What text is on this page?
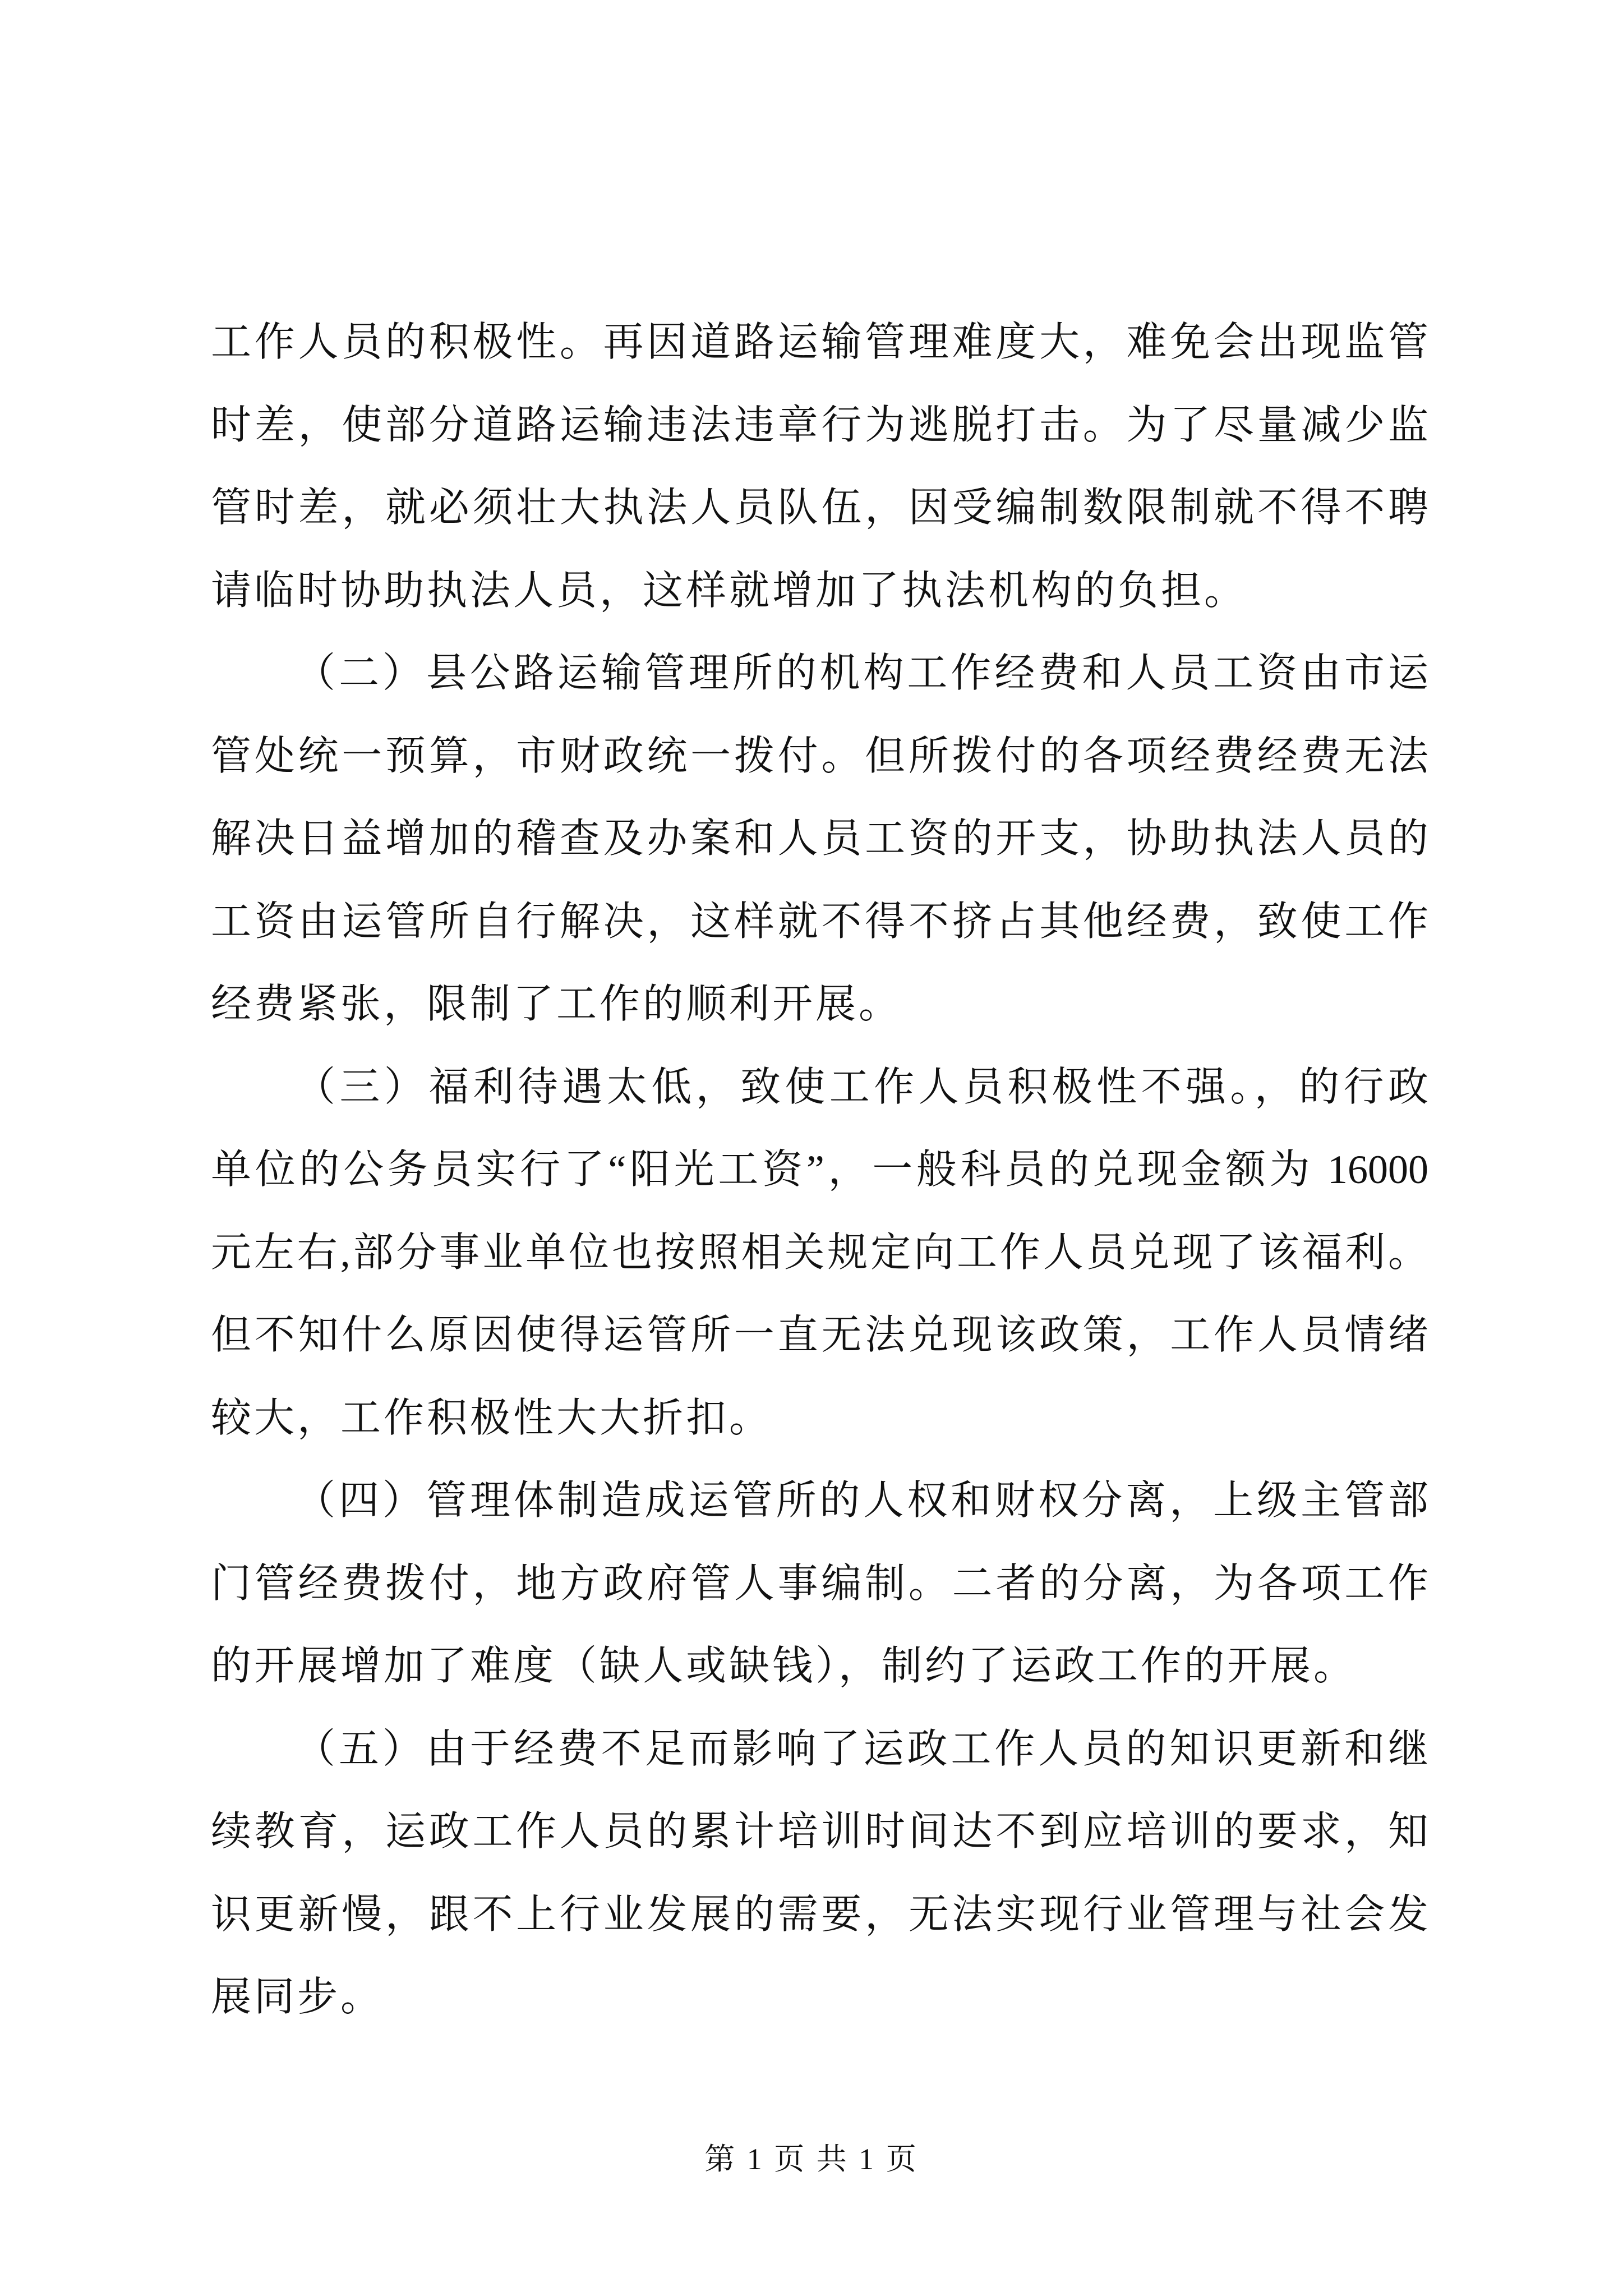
工作人员的积极性。再因道路运输管理难度大，难免会出现监管
时差，使部分道路运输违法违章行为逃脱打击。为了尽量减少监
管时差，就必须壮大执法人员队伍，因受编制数限制就不得不聘
请临时协助执法人员，这样就增加了执法机构的负担。
（二）县公路运输管理所的机构工作经费和人员工资由市运
管处统一预算，市财政统一拨付。但所拨付的各项经费经费无法
解决日益增加的稽查及办案和人员工资的开支，协助执法人员的
工资由运管所自行解决，这样就不得不挤占其他经费，致使工作
经费紧张，限制了工作的顺利开展。
（三）福利待遇太低，致使工作人员积极性不强。，的行政
单位的公务员实行了“阳光工资”，一般科员的兑现金额为 16000
元左右,部分事业单位也按照相关规定向工作人员兑现了该福利。
但不知什么原因使得运管所一直无法兑现该政策，工作人员情绪
较大，工作积极性大大折扣。
（四）管理体制造成运管所的人权和财权分离，上级主管部
门管经费拨付，地方政府管人事编制。二者的分离，为各项工作
的开展增加了难度（缺人或缺钱），制约了运政工作的开展。
（五）由于经费不足而影响了运政工作人员的知识更新和继
续教育，运政工作人员的累计培训时间达不到应培训的要求，知
识更新慢，跟不上行业发展的需要，无法实现行业管理与社会发
展同步。
第 1 页 共 1 页
